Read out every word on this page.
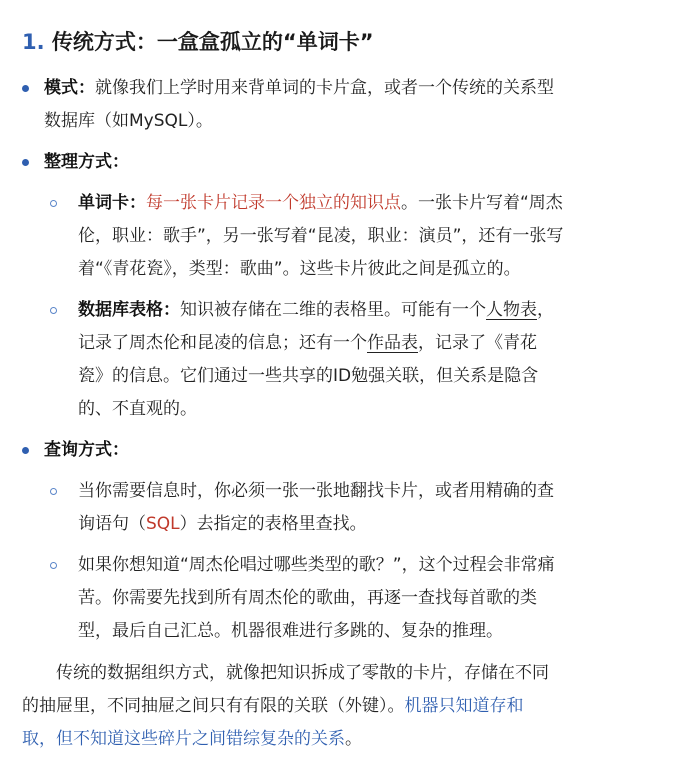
1. 传统方式：一盒盒孤立的“单词卡”
模式：就像我们上学时用来背单词的卡片盒，或者一个传统的关系型
数据库（如MySQL）。
整理方式：
单词卡：每一张卡片记录一个独立的知识点。一张卡片写着“周杰
伦，职业：歌手”，另一张写着“昆凌，职业：演员”，还有一张写
着“《青花瓷》，类型：歌曲”。这些卡片彼此之间是孤立的。
数据库表格：知识被存储在二维的表格里。可能有一个人物表，
记录了周杰伦和昆凌的信息；还有一个作品表，记录了《青花
瓷》的信息。它们通过一些共享的ID勉强关联，但关系是隐含
的、不直观的。
查询方式：
当你需要信息时，你必须一张一张地翻找卡片，或者用精确的查
询语句（SQL）去指定的表格里查找。
如果你想知道“周杰伦唱过哪些类型的歌？”，这个过程会非常痛
苦。你需要先找到所有周杰伦的歌曲，再逐一查找每首歌的类
型，最后自己汇总。机器很难进行多跳的、复杂的推理。
传统的数据组织方式，就像把知识拆成了零散的卡片，存储在不同
的抽屉里，不同抽屉之间只有有限的关联（外键）。机器只知道存和
取，但不知道这些碎片之间错综复杂的关系。
